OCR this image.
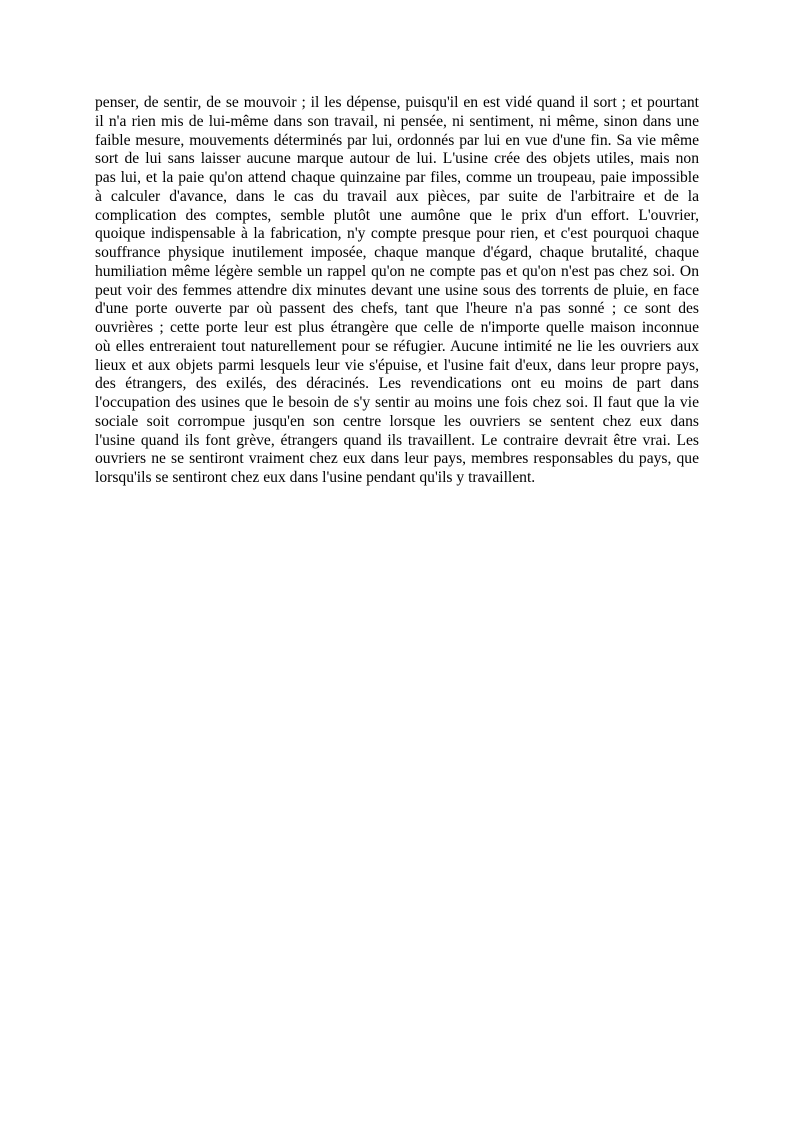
penser, de sentir, de se mouvoir ; il les dépense, puisqu'il en est vidé quand il sort ; et pourtant
il n'a rien mis de lui-même dans son travail, ni pensée, ni sentiment, ni même, sinon dans une
faible mesure, mouvements déterminés par lui, ordonnés par lui en vue d'une fin. Sa vie même
sort de lui sans laisser aucune marque autour de lui. L'usine crée des objets utiles, mais non
pas lui, et la paie qu'on attend chaque quinzaine par files, comme un troupeau, paie impossible
à calculer d'avance, dans le cas du travail aux pièces, par suite de l'arbitraire et de la
complication des comptes, semble plutôt une aumône que le prix d'un effort. L'ouvrier,
quoique indispensable à la fabrication, n'y compte presque pour rien, et c'est pourquoi chaque
souffrance physique inutilement imposée, chaque manque d'égard, chaque brutalité, chaque
humiliation même légère semble un rappel qu'on ne compte pas et qu'on n'est pas chez soi. On
peut voir des femmes attendre dix minutes devant une usine sous des torrents de pluie, en face
d'une porte ouverte par où passent des chefs, tant que l'heure n'a pas sonné ; ce sont des
ouvrières ; cette porte leur est plus étrangère que celle de n'importe quelle maison inconnue
où elles entreraient tout naturellement pour se réfugier. Aucune intimité ne lie les ouvriers aux
lieux et aux objets parmi lesquels leur vie s'épuise, et l'usine fait d'eux, dans leur propre pays,
des étrangers, des exilés, des déracinés. Les revendications ont eu moins de part dans
l'occupation des usines que le besoin de s'y sentir au moins une fois chez soi. Il faut que la vie
sociale soit corrompue jusqu'en son centre lorsque les ouvriers se sentent chez eux dans
l'usine quand ils font grève, étrangers quand ils travaillent. Le contraire devrait être vrai. Les
ouvriers ne se sentiront vraiment chez eux dans leur pays, membres responsables du pays, que
lorsqu'ils se sentiront chez eux dans l'usine pendant qu'ils y travaillent.
